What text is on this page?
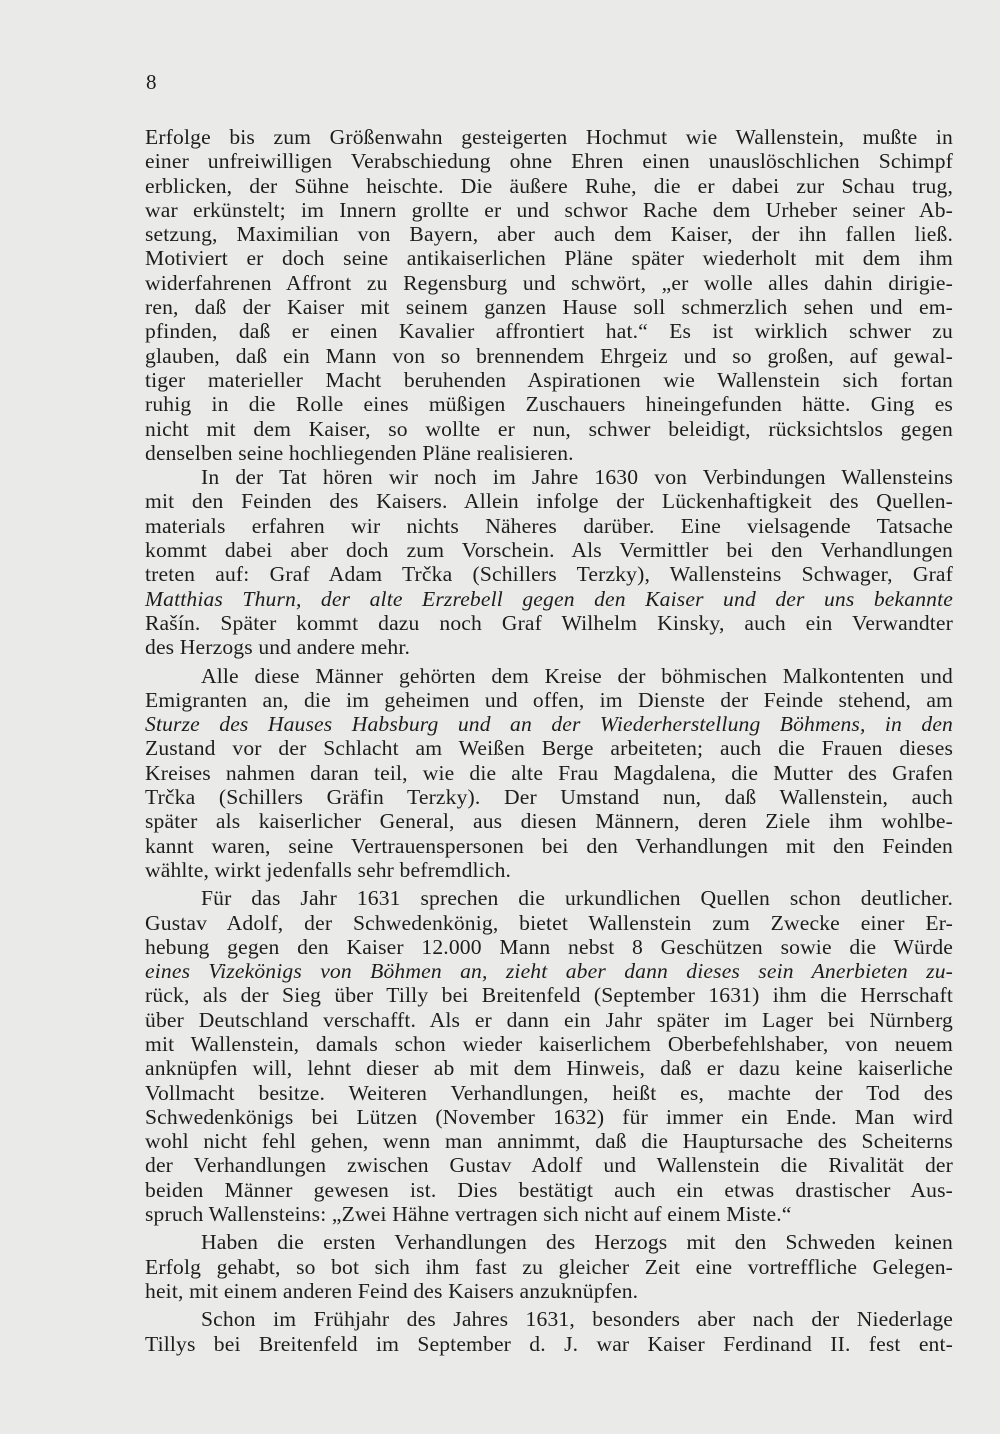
8
Erfolge bis zum Größenwahn gesteigerten Hochmut wie Wallenstein, mußte in
einer unfreiwilligen Verabschiedung ohne Ehren einen unauslöschlichen Schimpf
erblicken, der Sühne heischte. Die äußere Ruhe, die er dabei zur Schau trug,
war erkünstelt; im Innern grollte er und schwor Rache dem Urheber seiner Ab-
setzung, Maximilian von Bayern, aber auch dem Kaiser, der ihn fallen ließ.
Motiviert er doch seine antikaiserlichen Pläne später wiederholt mit dem ihm
widerfahrenen Affront zu Regensburg und schwört, „er wolle alles dahin dirigie-
ren, daß der Kaiser mit seinem ganzen Hause soll schmerzlich sehen und em-
pfinden, daß er einen Kavalier affrontiert hat.“ Es ist wirklich schwer zu
glauben, daß ein Mann von so brennendem Ehrgeiz und so großen, auf gewal-
tiger materieller Macht beruhenden Aspirationen wie Wallenstein sich fortan
ruhig in die Rolle eines müßigen Zuschauers hineingefunden hätte. Ging es
nicht mit dem Kaiser, so wollte er nun, schwer beleidigt, rücksichtslos gegen
denselben seine hochliegenden Pläne realisieren.
In der Tat hören wir noch im Jahre 1630 von Verbindungen Wallensteins
mit den Feinden des Kaisers. Allein infolge der Lückenhaftigkeit des Quellen-
materials erfahren wir nichts Näheres darüber. Eine vielsagende Tatsache
kommt dabei aber doch zum Vorschein. Als Vermittler bei den Verhandlungen
treten auf: Graf Adam Trčka (Schillers Terzky), Wallensteins Schwager, Graf
Matthias Thurn, der alte Erzrebell gegen den Kaiser und der uns bekannte
Rašín. Später kommt dazu noch Graf Wilhelm Kinsky, auch ein Verwandter
des Herzogs und andere mehr.
Alle diese Männer gehörten dem Kreise der böhmischen Malkontenten und
Emigranten an, die im geheimen und offen, im Dienste der Feinde stehend, am
Sturze des Hauses Habsburg und an der Wiederherstellung Böhmens, in den
Zustand vor der Schlacht am Weißen Berge arbeiteten; auch die Frauen dieses
Kreises nahmen daran teil, wie die alte Frau Magdalena, die Mutter des Grafen
Trčka (Schillers Gräfin Terzky). Der Umstand nun, daß Wallenstein, auch
später als kaiserlicher General, aus diesen Männern, deren Ziele ihm wohlbe-
kannt waren, seine Vertrauenspersonen bei den Verhandlungen mit den Feinden
wählte, wirkt jedenfalls sehr befremdlich.
Für das Jahr 1631 sprechen die urkundlichen Quellen schon deutlicher.
Gustav Adolf, der Schwedenkönig, bietet Wallenstein zum Zwecke einer Er-
hebung gegen den Kaiser 12.000 Mann nebst 8 Geschützen sowie die Würde
eines Vizekönigs von Böhmen an, zieht aber dann dieses sein Anerbieten zu-
rück, als der Sieg über Tilly bei Breitenfeld (September 1631) ihm die Herrschaft
über Deutschland verschafft. Als er dann ein Jahr später im Lager bei Nürnberg
mit Wallenstein, damals schon wieder kaiserlichem Oberbefehlshaber, von neuem
anknüpfen will, lehnt dieser ab mit dem Hinweis, daß er dazu keine kaiserliche
Vollmacht besitze. Weiteren Verhandlungen, heißt es, machte der Tod des
Schwedenkönigs bei Lützen (November 1632) für immer ein Ende. Man wird
wohl nicht fehl gehen, wenn man annimmt, daß die Hauptursache des Scheiterns
der Verhandlungen zwischen Gustav Adolf und Wallenstein die Rivalität der
beiden Männer gewesen ist. Dies bestätigt auch ein etwas drastischer Aus-
spruch Wallensteins: „Zwei Hähne vertragen sich nicht auf einem Miste.“
Haben die ersten Verhandlungen des Herzogs mit den Schweden keinen
Erfolg gehabt, so bot sich ihm fast zu gleicher Zeit eine vortreffliche Gelegen-
heit, mit einem anderen Feind des Kaisers anzuknüpfen.
Schon im Frühjahr des Jahres 1631, besonders aber nach der Niederlage
Tillys bei Breitenfeld im September d. J. war Kaiser Ferdinand II. fest ent-
